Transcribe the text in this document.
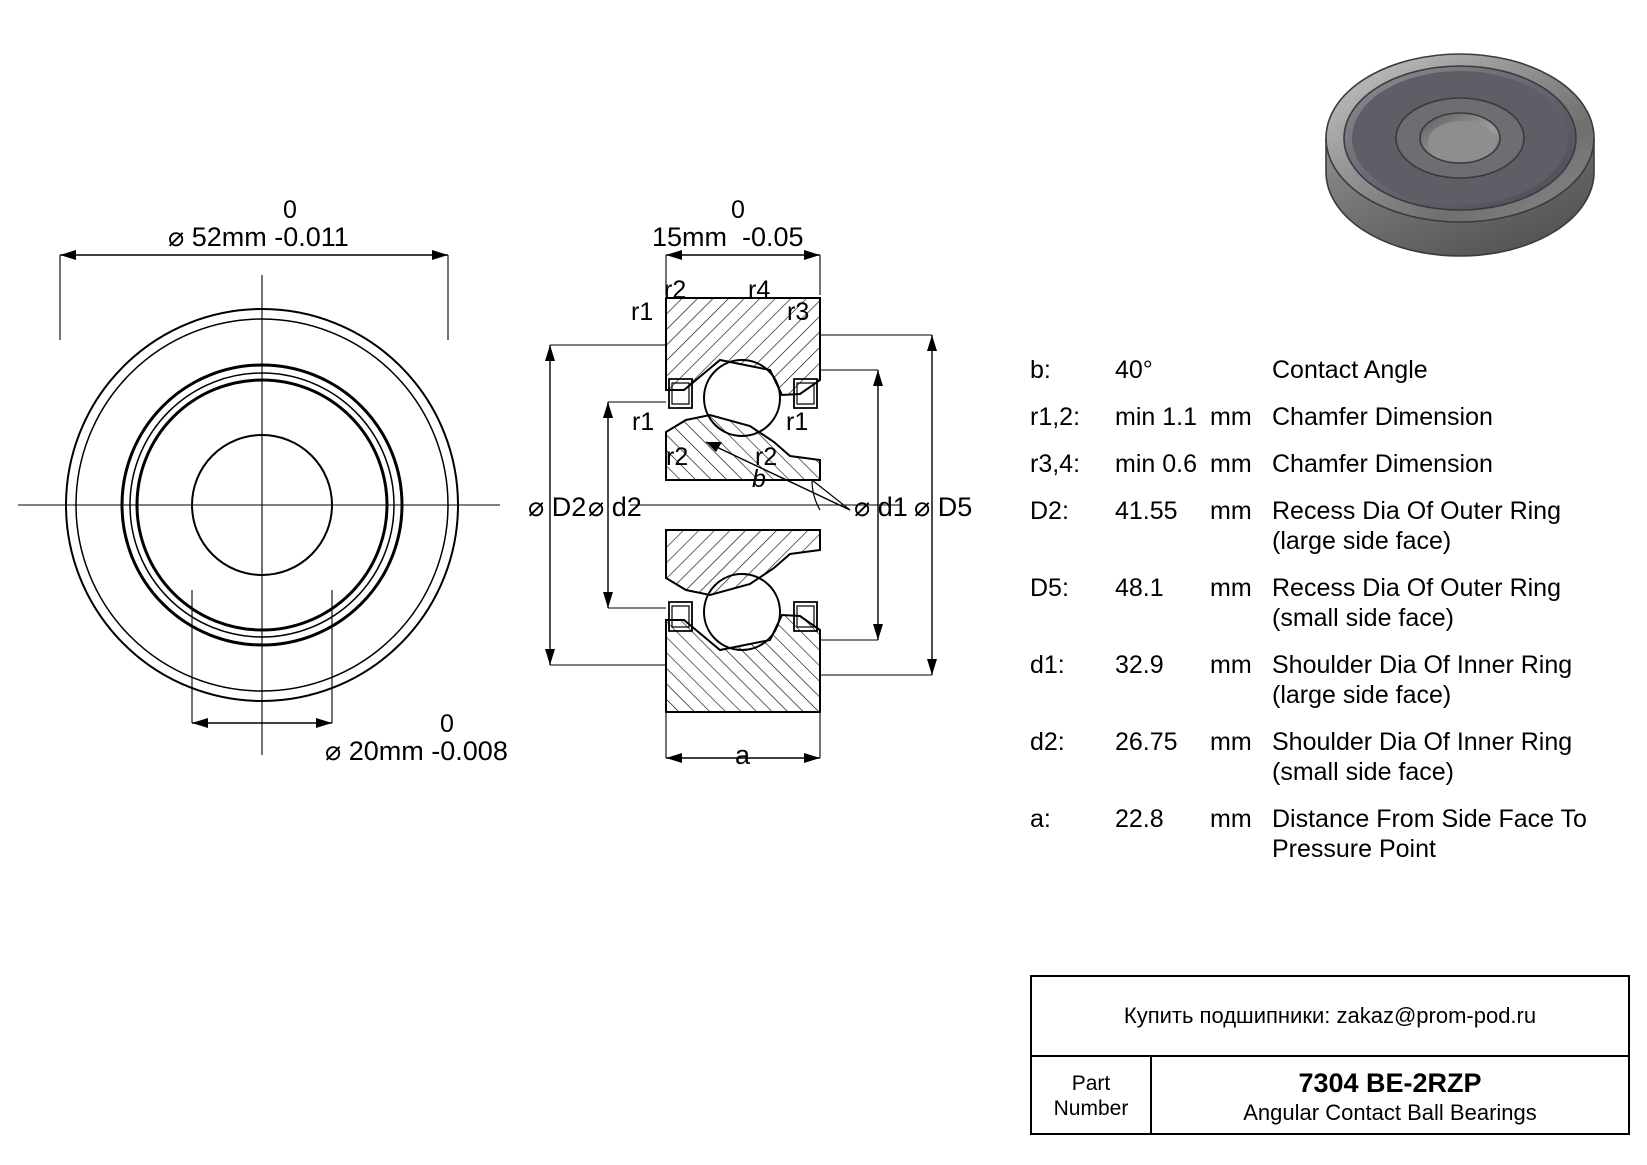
0
⌀ 52mm -0.011
0
⌀ 20mm -0.008
0
15mm  -0.05
r2 r4
r1	r3
r1	r1
r2	r2
b
⌀ D2 ⌀ d2	⌀ d1 ⌀ D5
a
b:	40°	Contact Angle
r1,2:	min 1.1 mm Chamfer Dimension
r3,4:	min 0.6 mm Chamfer Dimension
D2:	41.55	mm Recess Dia Of Outer Ring
(large side face)
D5:	48.1	mm Recess Dia Of Outer Ring
(small side face)
d1:	32.9	mm Shoulder Dia Of Inner Ring
(large side face)
d2:	26.75	mm Shoulder Dia Of Inner Ring
(small side face)
a:	22.8	mm Distance From Side Face To
Pressure Point
Купить подшипники: zakaz@prom-pod.ru
Part
Number
7304 BE-2RZP
Angular Contact Ball Bearings
